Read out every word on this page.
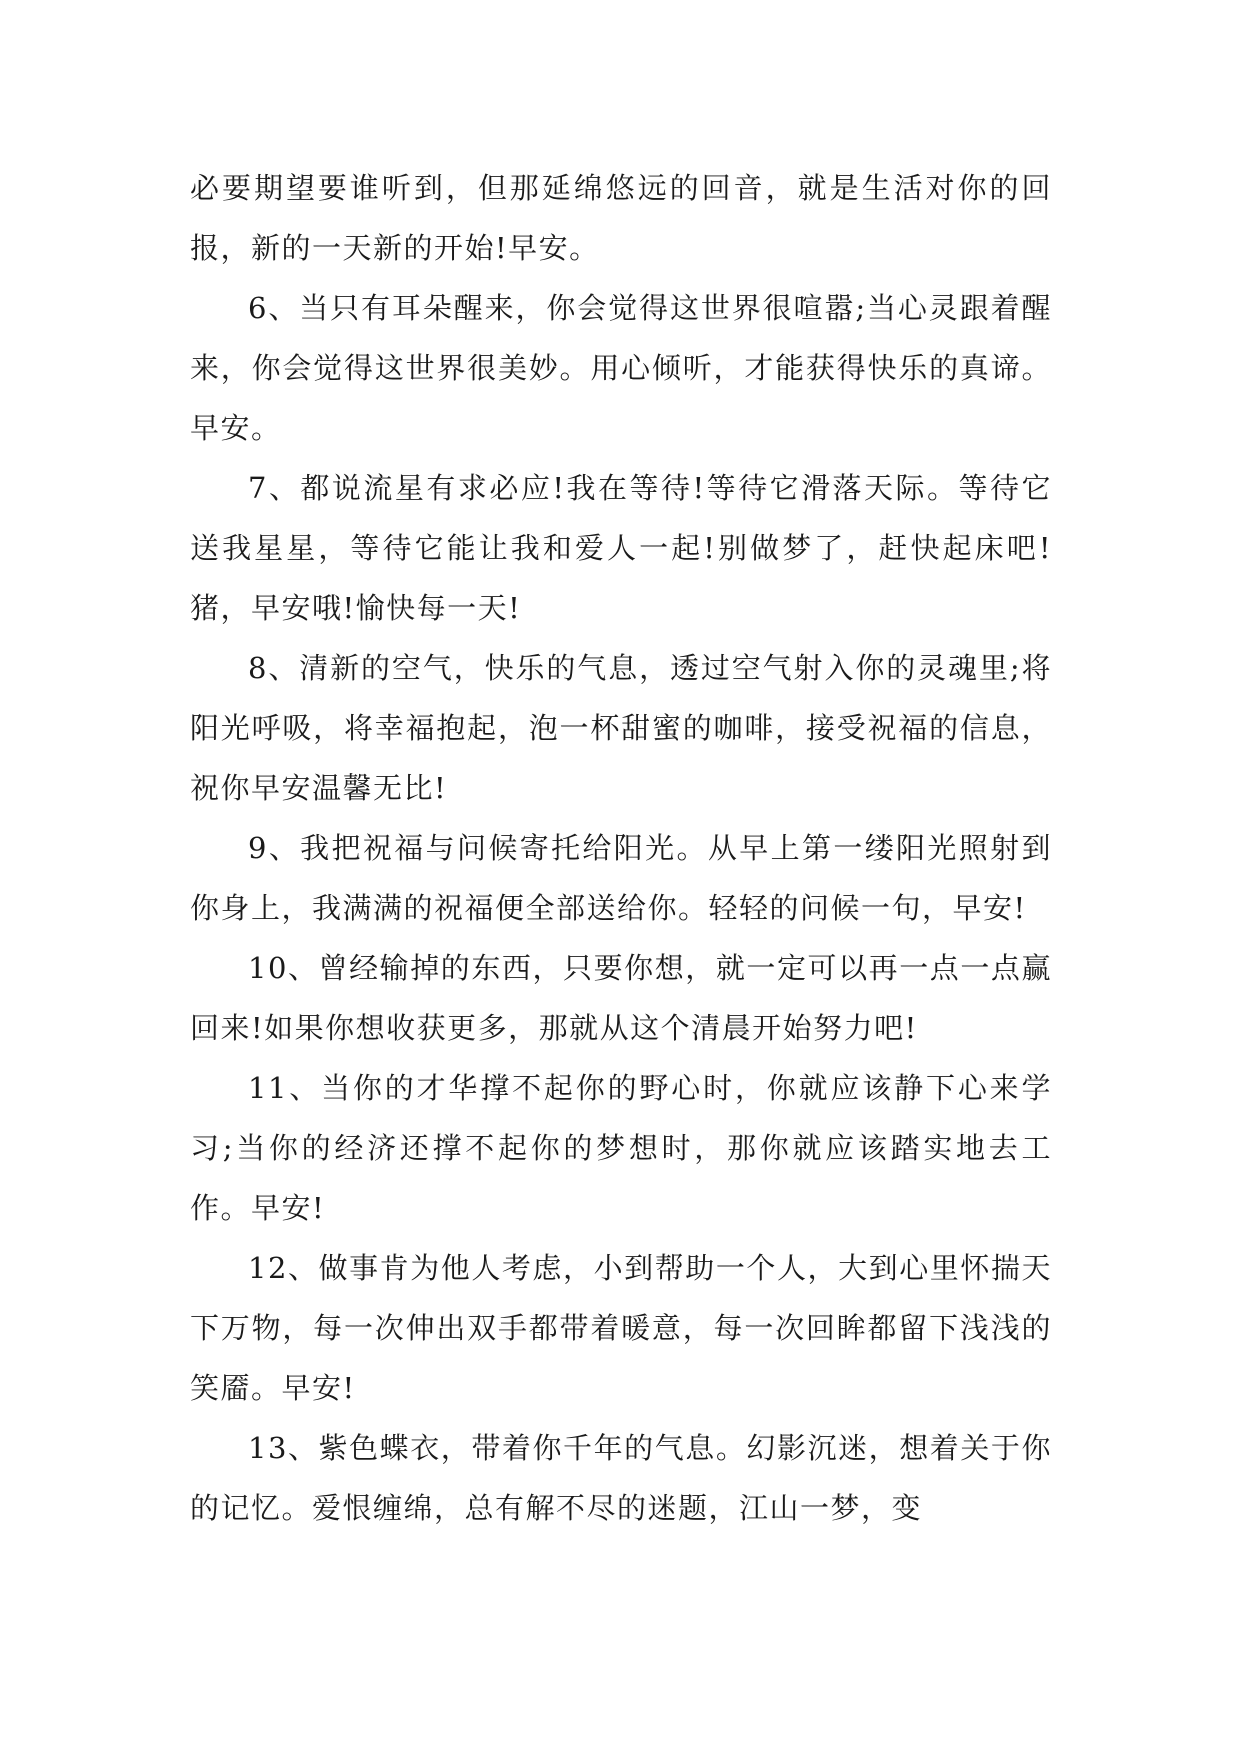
必要期望要谁听到，但那延绵悠远的回音，就是生活对你的回报，新的一天新的开始!早安。

6、当只有耳朵醒来，你会觉得这世界很喧嚣;当心灵跟着醒来，你会觉得这世界很美妙。用心倾听，才能获得快乐的真谛。早安。

7、都说流星有求必应!我在等待!等待它滑落天际。等待它送我星星，等待它能让我和爱人一起!别做梦了，赶快起床吧!猪，早安哦!愉快每一天!

8、清新的空气，快乐的气息，透过空气射入你的灵魂里;将阳光呼吸，将幸福抱起，泡一杯甜蜜的咖啡，接受祝福的信息，祝你早安温馨无比!

9、我把祝福与问候寄托给阳光。从早上第一缕阳光照射到你身上，我满满的祝福便全部送给你。轻轻的问候一句，早安!

10、曾经输掉的东西，只要你想，就一定可以再一点一点赢回来!如果你想收获更多，那就从这个清晨开始努力吧!

11、当你的才华撑不起你的野心时，你就应该静下心来学习;当你的经济还撑不起你的梦想时，那你就应该踏实地去工作。早安!

12、做事肯为他人考虑，小到帮助一个人，大到心里怀揣天下万物，每一次伸出双手都带着暖意，每一次回眸都留下浅浅的笑靥。早安!

13、紫色蝶衣，带着你千年的气息。幻影沉迷，想着关于你的记忆。爱恨缠绵，总有解不尽的迷题，江山一梦，变
